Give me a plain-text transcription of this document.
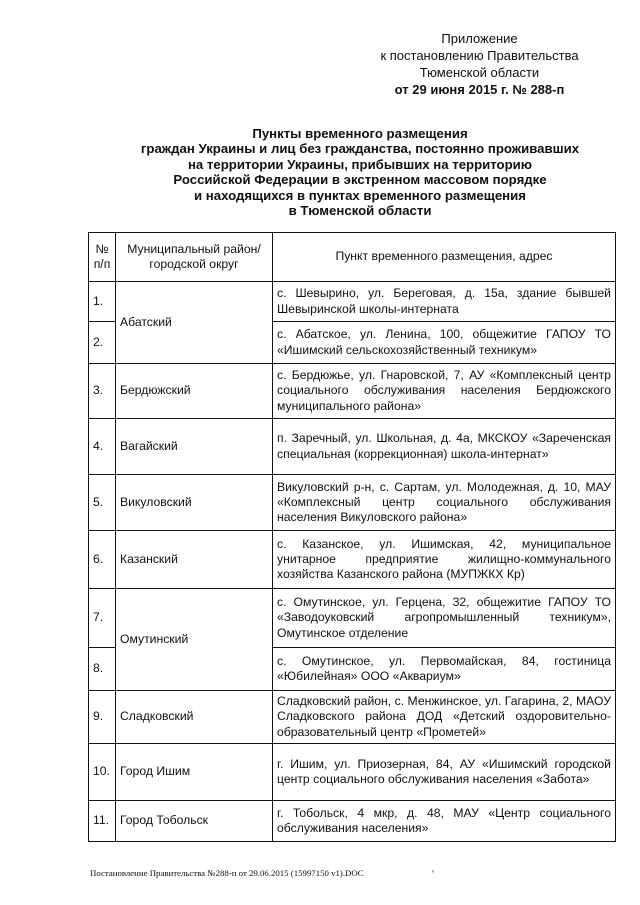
Приложение
к постановлению Правительства
Тюменской области
от 29 июня 2015 г. № 288-п
Пункты временного размещения
граждан Украины и лиц без гражданства, постоянно проживавших
на территории Украины, прибывших на территорию
Российской Федерации в экстренном массовом порядке
и находящихся в пунктах временного размещения
в Тюменской области
№ п/п	Муниципальный район/городской округ	Пункт временного размещения, адрес
1.	Абатский	с. Шевырино, ул. Береговая, д. 15а, здание бывшей Шевыринской школы-интерната
2.		с. Абатское, ул. Ленина, 100, общежитие ГАПОУ ТО «Ишимский сельскохозяйственный техникум»
3.	Бердюжский	с. Бердюжье, ул. Гнаровской, 7, АУ «Комплексный центр социального обслуживания населения Бердюжского муниципального района»
4.	Вагайский	п. Заречный, ул. Школьная, д. 4а, МКСКОУ «Зареченская специальная (коррекционная) школа-интернат»
5.	Викуловский	Викуловский р-н, с. Сартам, ул. Молодежная, д. 10, МАУ «Комплексный центр социального обслуживания населения Викуловского района»
6.	Казанский	с. Казанское, ул. Ишимская, 42, муниципальное унитарное предприятие жилищно-коммунального хозяйства Казанского района (МУПЖКХ Кр)
7.	Омутинский	с. Омутинское, ул. Герцена, 32, общежитие ГАПОУ ТО «Заводоуковский агропромышленный техникум», Омутинское отделение
8.		с. Омутинское, ул. Первомайская, 84, гостиница «Юбилейная» ООО «Аквариум»
9.	Сладковский	Сладковский район, с. Менжинское, ул. Гагарина, 2, МАОУ Сладковского района ДОД «Детский оздоровительно-образовательный центр «Прометей»
10.	Город Ишим	г. Ишим, ул. Приозерная, 84, АУ «Ишимский городской центр социального обслуживания населения «Забота»
11.	Город Тобольск	г. Тобольск, 4 мкр, д. 48, МАУ «Центр социального обслуживания населения»
Постановление Правительства №288-п от 29.06.2015 (15997150 v1).DOC	'
